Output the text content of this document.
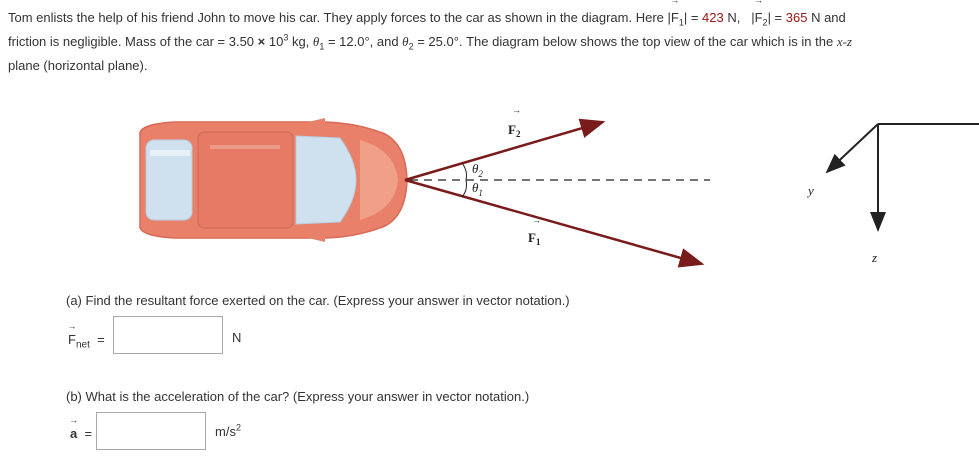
Tom enlists the help of his friend John to move his car. They apply forces to the car as shown in the diagram. Here |→ $F_1| = 423$ N,   |→ $F_2| = 365$ N and
friction is negligible. Mass of the car = $3.50 \times 10^3$ kg, $\theta_1 = 12.0^\circ$, and $\theta_2 = 25.0^\circ$. The diagram below shows the top view of the car which is in the x-z
plane (horizontal plane).
$\theta_2$
$\theta_1$
→
$F_2$
→
$F_1$
y
z
(a) Find the resultant force exerted on the car. (Express your answer in vector notation.)
→ $F_{net}$ =	N
(b) What is the acceleration of the car? (Express your answer in vector notation.)
→ a =	$m/s^2$
